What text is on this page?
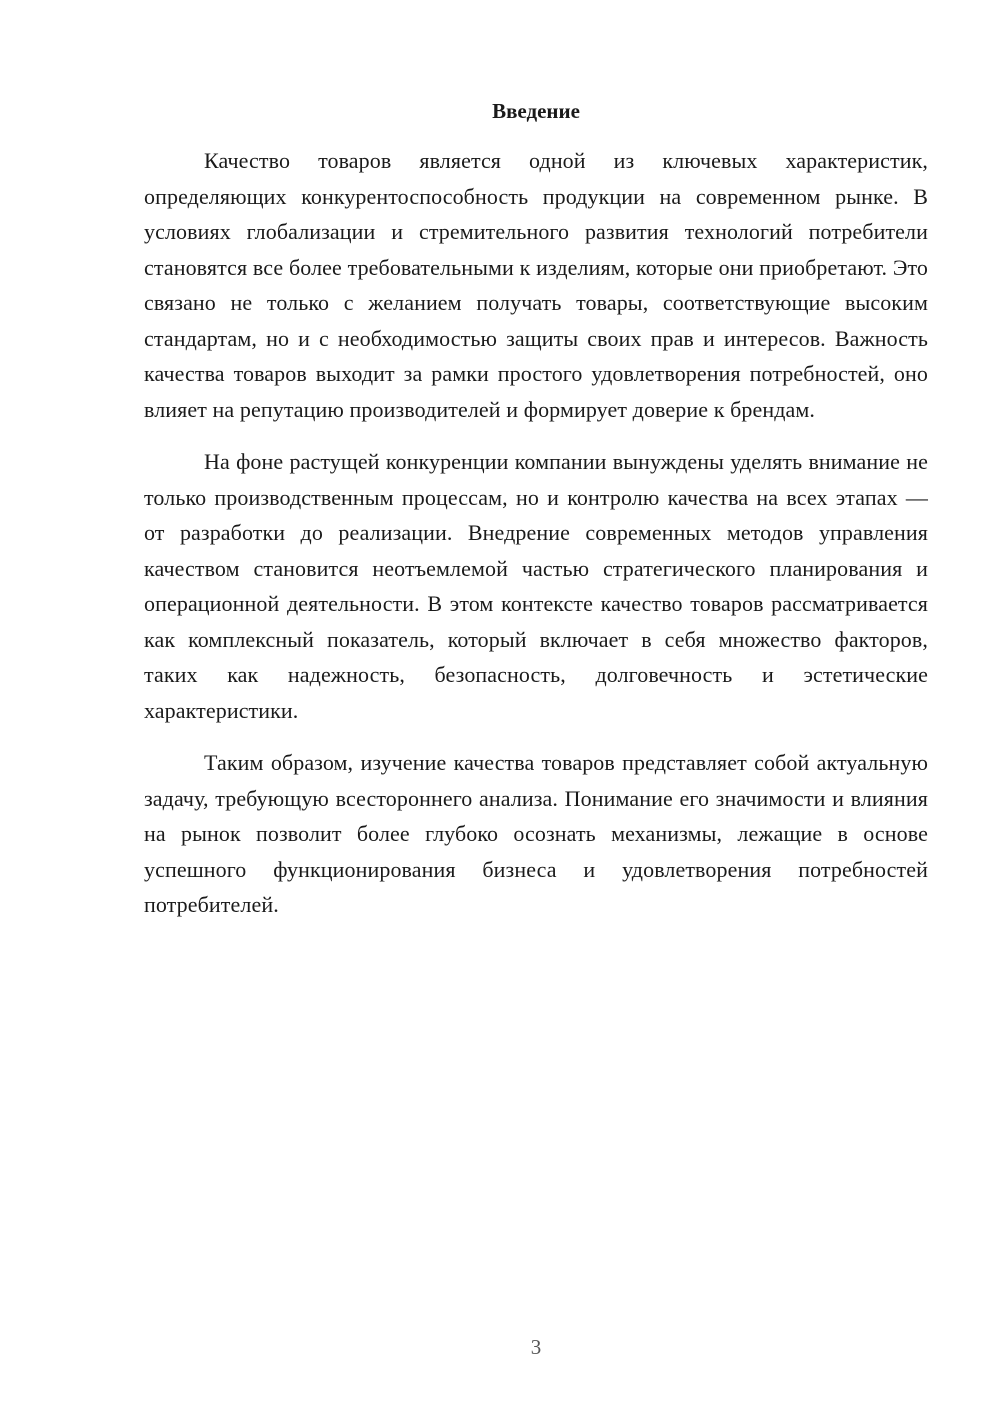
Введение

Качество товаров является одной из ключевых характеристик, определяющих конкурентоспособность продукции на современном рынке. В условиях глобализации и стремительного развития технологий потребители становятся все более требовательными к изделиям, которые они приобретают. Это связано не только с желанием получать товары, соответствующие высоким стандартам, но и с необходимостью защиты своих прав и интересов. Важность качества товаров выходит за рамки простого удовлетворения потребностей, оно влияет на репутацию производителей и формирует доверие к брендам.

На фоне растущей конкуренции компании вынуждены уделять внимание не только производственным процессам, но и контролю качества на всех этапах — от разработки до реализации. Внедрение современных методов управления качеством становится неотъемлемой частью стратегического планирования и операционной деятельности. В этом контексте качество товаров рассматривается как комплексный показатель, который включает в себя множество факторов, таких как надежность, безопасность, долговечность и эстетические характеристики.

Таким образом, изучение качества товаров представляет собой актуальную задачу, требующую всестороннего анализа. Понимание его значимости и влияния на рынок позволит более глубоко осознать механизмы, лежащие в основе успешного функционирования бизнеса и удовлетворения потребностей потребителей.

3
